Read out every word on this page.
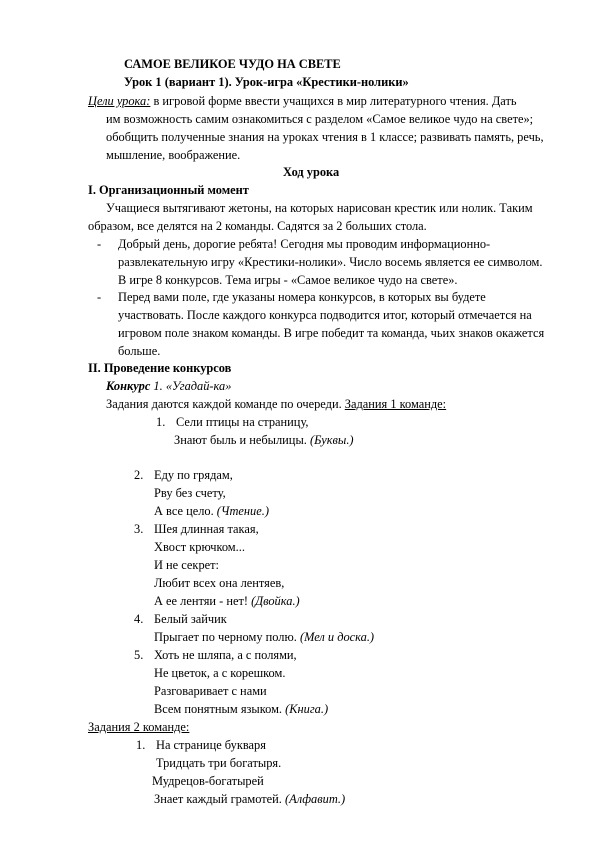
САМОЕ ВЕЛИКОЕ ЧУДО НА СВЕТЕ
Урок 1 (вариант 1). Урок-игра «Крестики-нолики»
Цели урока: в игровой форме ввести учащихся в мир литературного чтения. Дать
им возможность самим ознакомиться с разделом «Самое великое чудо на свете»;
обобщить полученные знания на уроках чтения в 1 классе; развивать память, речь,
мышление, воображение.
Ход урока
I. Организационный момент
Учащиеся вытягивают жетоны, на которых нарисован крестик или нолик. Таким
образом, все делятся на 2 команды. Садятся за 2 больших стола.
- Добрый день, дорогие ребята! Сегодня мы проводим информационно-
развлекательную игру «Крестики-нолики». Число восемь является ее символом.
В игре 8 конкурсов. Тема игры - «Самое великое чудо на свете».
- Перед вами поле, где указаны номера конкурсов, в которых вы будете
участвовать. После каждого конкурса подводится итог, который отмечается на
игровом поле знаком команды. В игре победит та команда, чьих знаков окажется
больше.
II. Проведение конкурсов
Конкурс 1. «Угадай-ка»
Задания даются каждой команде по очереди. Задания 1 команде:
1. Сели птицы на страницу,
Знают быль и небылицы. (Буквы.)
2. Еду по грядам,
Рву без счету,
А все цело. (Чтение.)
3. Шея длинная такая,
Хвост крючком...
И не секрет:
Любит всех она лентяев,
А ее лентяи - нет! (Двойка.)
4. Белый зайчик
Прыгает по черному полю. (Мел и доска.)
5. Хоть не шляпа, а с полями,
Не цветок, а с корешком.
Разговаривает с нами
Всем понятным языком. (Книга.)
Задания 2 команде:
1. На странице букваря
Тридцать три богатыря.
Мудрецов-богатырей
Знает каждый грамотей. (Алфавит.)
